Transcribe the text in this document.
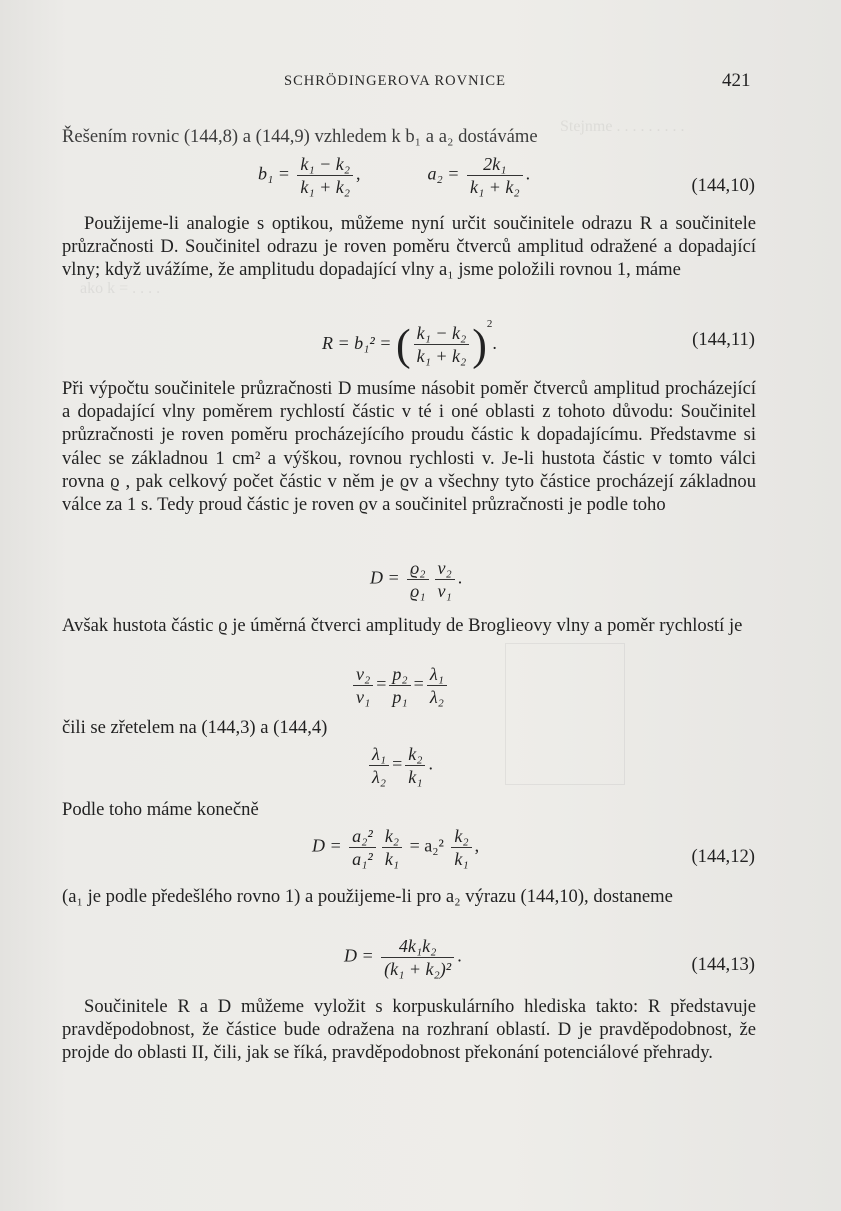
Stejnme . . . . . . . . .
ako k = . . . .
SCHRÖDINGEROVA ROVNICE	421
Řešením rovnic (144,8) a (144,9) vzhledem k b₁ a a₂ dostáváme
$b_1 = \frac{\text{k₁ − k₂}}{\text{k₁ + k₂}}$ ,	$a_2 = \frac{\text{2k₁}}{\text{k₁ + k₂}}$ .
(144,10)
Použijeme-li analogie s optikou, můžeme nyní určit součinitele odrazu R a součinitele průzračnosti D. Součinitel odrazu je roven poměru čtverců amplitud odražené a dopadající vlny; když uvážíme, že amplitudu dopadající vlny a₁ jsme položili rovnou 1, máme
R = b₁² = ( $\frac{\text{k₁ − k₂}}{\text{k₁ + k₂}} )^2$.	(144,11)
Při výpočtu součinitele průzračnosti D musíme násobit poměr čtverců amplitud procházející a dopadající vlny poměrem rychlostí částic v té i oné oblasti z tohoto důvodu: Součinitel průzračnosti je roven poměru procházejícího proudu částic k dopadajícímu. Představme si válec se základnou 1 cm² a výškou, rovnou rychlosti v. Je-li hustota částic v tomto válci rovna ϱ , pak celkový počet částic v něm je ϱv a všechny tyto částice procházejí základnou válce za 1 s. Tedy proud částic je roven ϱv a součinitel průzračnosti je podle toho
$D = \frac{\text{ϱ₂}}{\text{ϱ₁}} \frac{\text{v₂}}{\text{v₁}}$ .
Avšak hustota částic ϱ je úměrná čtverci amplitudy de Broglieovy vlny a poměr rychlostí je
$\frac{\text{v₂}}{\text{v₁}} = \frac{\text{p₂}}{\text{p₁}} = \frac{\text{λ₁}}{\text{λ₂}}$
čili se zřetelem na (144,3) a (144,4)
$\frac{\text{λ₁}}{\text{λ₂}} = \frac{\text{k₂}}{\text{k₁}}$ .
Podle toho máme konečně
$D = \frac{\text{a₂²}}{\text{a₁²}} \frac{\text{k₂}}{\text{k₁}} = a_2^2 \frac{\text{k₂}}{\text{k₁}}$ ,
(144,12)
(a₁ je podle předešlého rovno 1) a použijeme-li pro a₂ výrazu (144,10), dostaneme
$D = \frac{\text{4k₁k₂}}{\text{(k₁ + k₂)²}}$ .	(144,13)
Součinitele R a D můžeme vyložit s korpuskulárního hlediska takto: R představuje pravděpodobnost, že částice bude odražena na rozhraní oblastí. D je pravděpodobnost, že projde do oblasti II, čili, jak se říká, pravděpodobnost překonání potenciálové přehrady.
